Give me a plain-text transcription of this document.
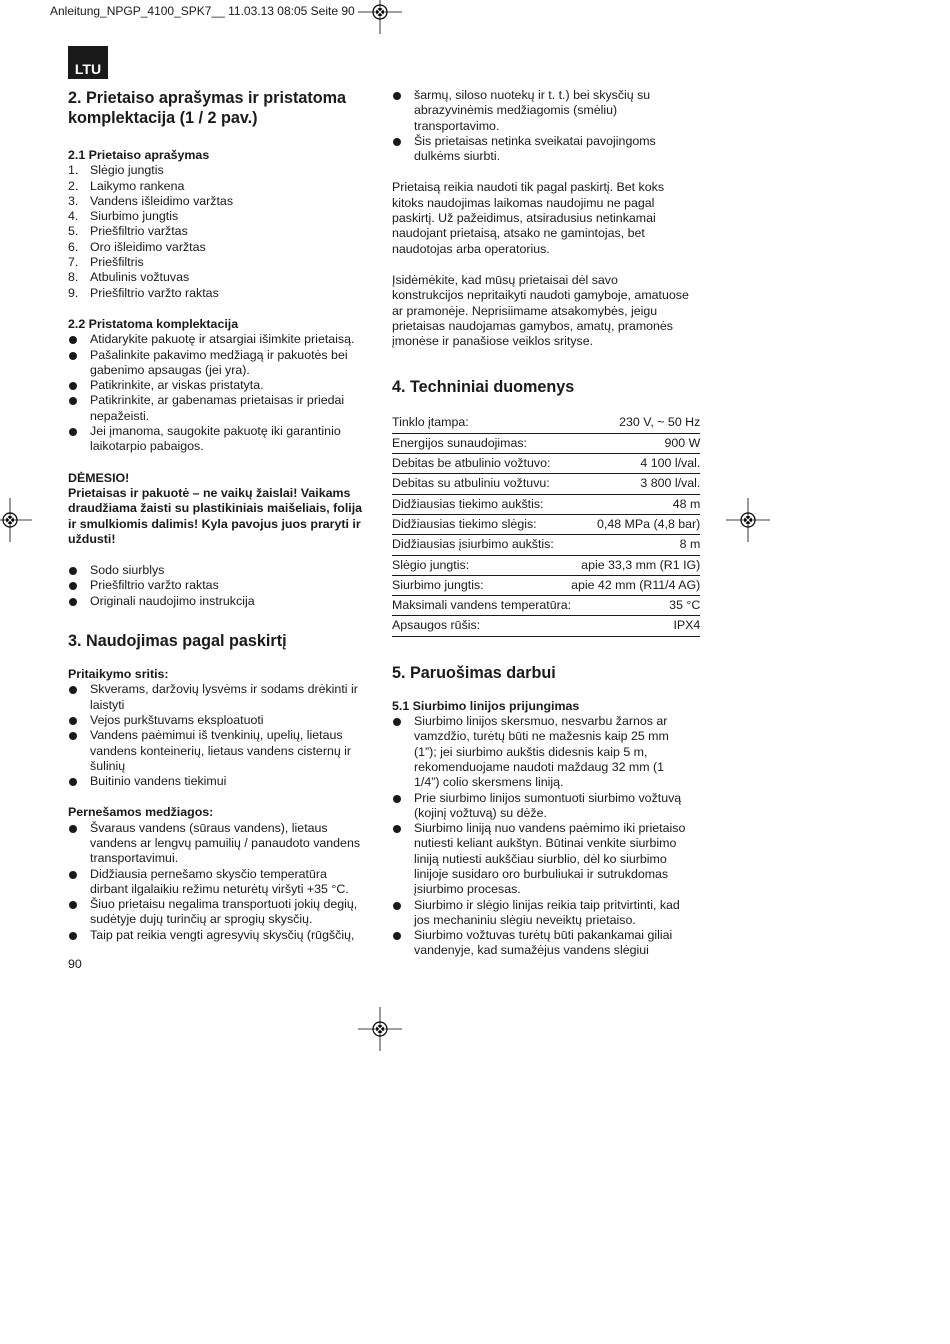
Anleitung_NPGP_4100_SPK7__ 11.03.13 08:05 Seite 90
LTU
2. Prietaiso aprašymas ir pristatoma komplektacija (1 / 2 pav.)
2.1 Prietaiso aprašymas
1. Slėgio jungtis
2. Laikymo rankena
3. Vandens išleidimo varžtas
4. Siurbimo jungtis
5. Priešfiltrio varžtas
6. Oro išleidimo varžtas
7. Priešfiltris
8. Atbulinis vožtuvas
9. Priešfiltrio varžto raktas
2.2 Pristatoma komplektacija
Atidarykite pakuotę ir atsargiai išimkite prietaisą.
Pašalinkite pakavimo medžiagą ir pakuotės bei gabenimo apsaugas (jei yra).
Patikrinkite, ar viskas pristatyta.
Patikrinkite, ar gabenamas prietaisas ir priedai nepažeisti.
Jei įmanoma, saugokite pakuotę iki garantinio laikotarpio pabaigos.

DĖMESIO!

Prietaisas ir pakuotė – ne vaikų žaislai! Vaikams draudžiama žaisti su plastikiniais maišeliais, folija ir smulkiomis dalimis! Kyla pavojus juos praryti ir uždusti!

Sodo siurblys
Priešfiltrio varžto raktas
Originali naudojimo instrukcija
3. Naudojimas pagal paskirtį
Pritaikymo sritis:
Skverams, daržovių lysvėms ir sodams drėkinti ir laistyti
Vejos purkštuvams eksploatuoti
Vandens paėmimui iš tvenkinių, upelių, lietaus vandens konteinerių, lietaus vandens cisternų ir šulinių
Buitinio vandens tiekimui
Pernešamos medžiagos:
Švaraus vandens (sūraus vandens), lietaus vandens ar lengvų pamuilių / panaudoto vandens transportavimui.
Didžiausia pernešamo skysčio temperatūra dirbant ilgalaikiu režimu neturėtų viršyti +35 °C.
Šiuo prietaisu negalima transportuoti jokių degių, sudėtyje dujų turinčių ar sprogių skysčių.
Taip pat reikia vengti agresyvių skysčių (rūgščių,
šarmų, siloso nuotekų ir t. t.) bei skysčių su abrazyvinėmis medžiagomis (smėliu) transportavimo.
Šis prietaisas netinka sveikatai pavojingoms dulkėms siurbti.

Prietaisą reikia naudoti tik pagal paskirtį. Bet koks kitoks naudojimas laikomas naudojimu ne pagal paskirtį. Už pažeidimus, atsiradusius netinkamai naudojant prietaisą, atsako ne gamintojas, bet naudotojas arba operatorius.

Įsidėmėkite, kad mūsų prietaisai dėl savo konstrukcijos nepritaikyti naudoti gamyboje, amatuose ar pramonėje. Neprisiimame atsakomybės, jeigu prietaisas naudojamas gamybos, amatų, pramonės įmonėse ir panašiose veiklos srityse.

4. Techniniai duomenys
Tinklo įtampa:	230 V, ~ 50 Hz
Energijos sunaudojimas:	900 W
Debitas be atbulinio vožtuvo:	4 100 l/val.
Debitas su atbuliniu vožtuvu:	3 800 l/val.
Didžiausias tiekimo aukštis:	48 m
Didžiausias tiekimo slėgis:	0,48 MPa (4,8 bar)
Didžiausias įsiurbimo aukštis:	8 m
Slėgio jungtis:	apie 33,3 mm (R1 IG)
Siurbimo jungtis:	apie 42 mm (R11/4 AG)
Maksimali vandens temperatūra:	35 °C
Apsaugos rūšis:	IPX4
5. Paruošimas darbui
5.1 Siurbimo linijos prijungimas
Siurbimo linijos skersmuo, nesvarbu žarnos ar vamzdžio, turėtų būti ne mažesnis kaip 25 mm (1”); jei siurbimo aukštis didesnis kaip 5 m, rekomenduojame naudoti maždaug 32 mm (1 1/4”) colio skersmens liniją.
Prie siurbimo linijos sumontuoti siurbimo vožtuvą (kojinį vožtuvą) su dėže.
Siurbimo liniją nuo vandens paėmimo iki prietaiso nutiesti keliant aukštyn. Būtinai venkite siurbimo liniją nutiesti aukščiau siurblio, dėl ko siurbimo linijoje susidaro oro burbuliukai ir sutrukdomas įsiurbimo procesas.
Siurbimo ir slėgio linijas reikia taip pritvirtinti, kad jos mechaniniu slėgiu neveiktų prietaiso.
Siurbimo vožtuvas turėtų būti pakankamai giliai vandenyje, kad sumažėjus vandens slėgiui
90
